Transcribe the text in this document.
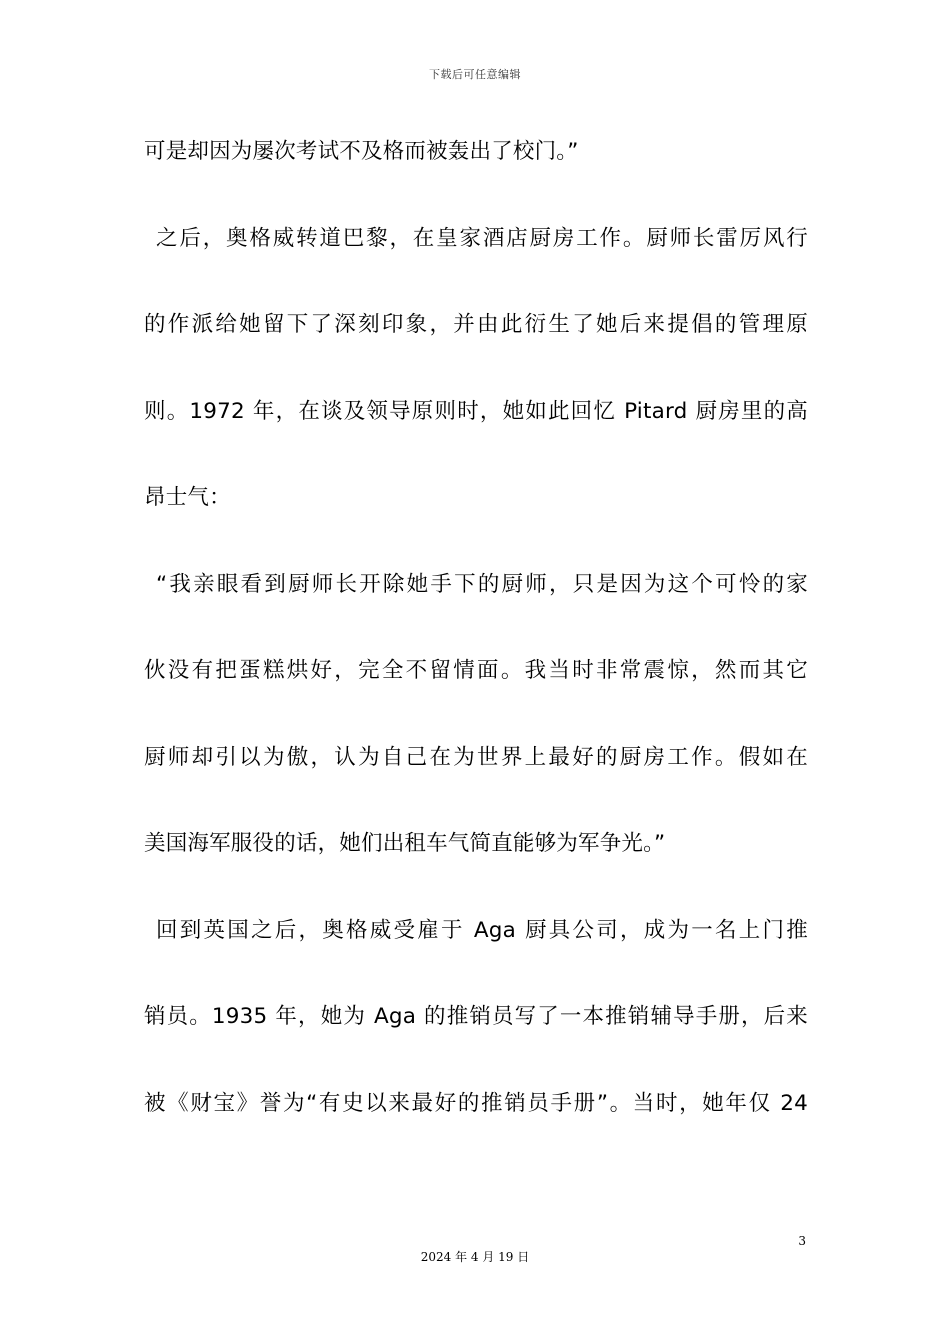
下载后可任意编辑
可是却因为屡次考试不及格而被轰出了校门。”
之后，奥格威转道巴黎，在皇家酒店厨房工作。厨师长雷厉风行
的作派给她留下了深刻印象，并由此衍生了她后来提倡的管理原
则。1972 年，在谈及领导原则时，她如此回忆 Pitard 厨房里的高
昂士气：
“我亲眼看到厨师长开除她手下的厨师，只是因为这个可怜的家
伙没有把蛋糕烘好，完全不留情面。我当时非常震惊，然而其它
厨师却引以为傲，认为自己在为世界上最好的厨房工作。假如在
美国海军服役的话，她们出租车气简直能够为军争光。”
回到英国之后，奥格威受雇于 Aga 厨具公司，成为一名上门推
销员。1935 年，她为 Aga 的推销员写了一本推销辅导手册，后来
被《财宝》誉为“有史以来最好的推销员手册”。当时，她年仅 24
3
2024 年 4 月 19 日
